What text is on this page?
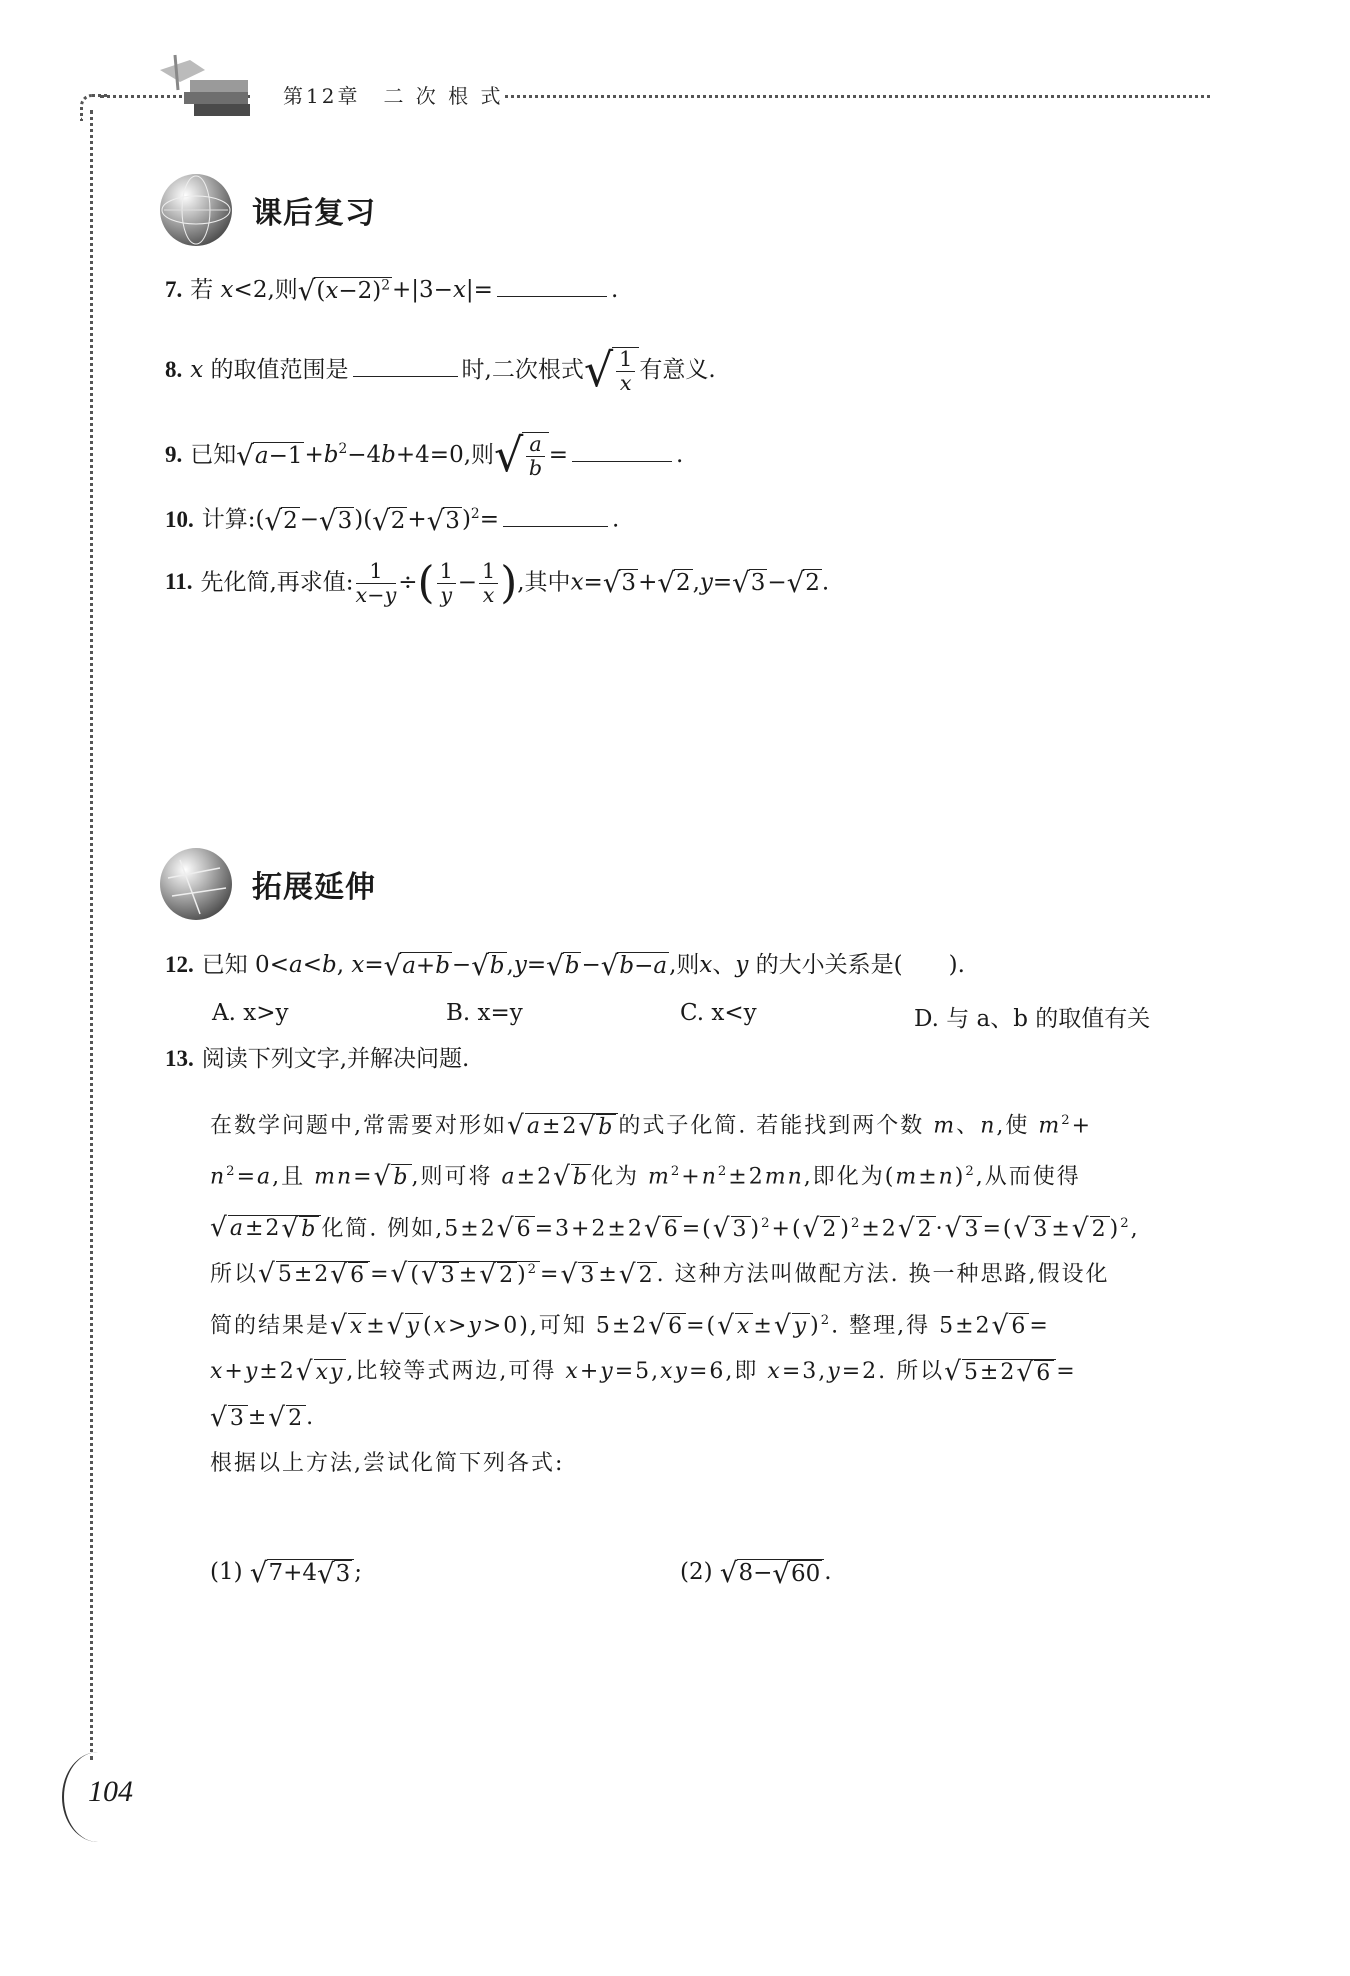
第12章　二 次 根 式
课后复习
7. 若 x<2,则 √ $(x-2)^2 +|3-x|=$	.
8. x 的取值范围是	时,二次根式 √ $\frac{1}{x}$ 有意义.
9. 已知 √ $a-1 +b^2-4b+4=0$,则 √ $\frac{a}{b}$ =	.
10. 计算:( √ 2 − √ 3 )( √ 2 + √ 3 )$^2$=	.
11. 先化简,再求值: $\frac{1}{x-y}$ ÷( $\frac{1}{y} - \frac{1}{x}$ ),其中x= √ 3 + √ 2 ,y= √ 3 − √ 2 .
拓展延伸
12. 已知 0<a<b, x= √ a+b − √ b ,y= √ b − √ b−a ,则x、y 的大小关系是(　　).
A. x>y	B. x=y	C. x<y	D. 与 a、b 的取值有关
13. 阅读下列文字,并解决问题.
在数学问题中,常需要对形如 √ a±2 √ b 的式子化简. 若能找到两个数 m、n,使 $m^2+$
$n^2=a$,且 mn= √ b ,则可将 a±2 √ b 化为 $m^2+n^2\pm 2mn$,即化为$(m\pm n)^2$,从而使得
√ a±2 √ b 化简. 例如,5±2 √ 6 =3+2±2 √ 6 =( √ 3 )$^2$+( √ 2 )$^2$±2 √ 2 · √ 3 =( √ 3 ± √ 2 )$^2$,
所以 √ 5±2 √ 6 = √ ( √ 3 ± √ 2 )$^2$ = √ 3 ± √ 2 . 这种方法叫做配方法. 换一种思路,假设化
简的结果是 √ x ± √ y (x>y>0),可知 5±2 √ 6 =( √ x ± √ y )$^2$. 整理,得 5±2 √ 6 =
x+y±2 √ xy ,比较等式两边,可得 x+y=5,xy=6,即 x=3,y=2. 所以 √ 5±2 √ 6 =
√ 3 ± √ 2 .
根据以上方法,尝试化简下列各式:
(1) √ 7+4 √ 3 ;	(2) √ 8− √ 60 .
104
